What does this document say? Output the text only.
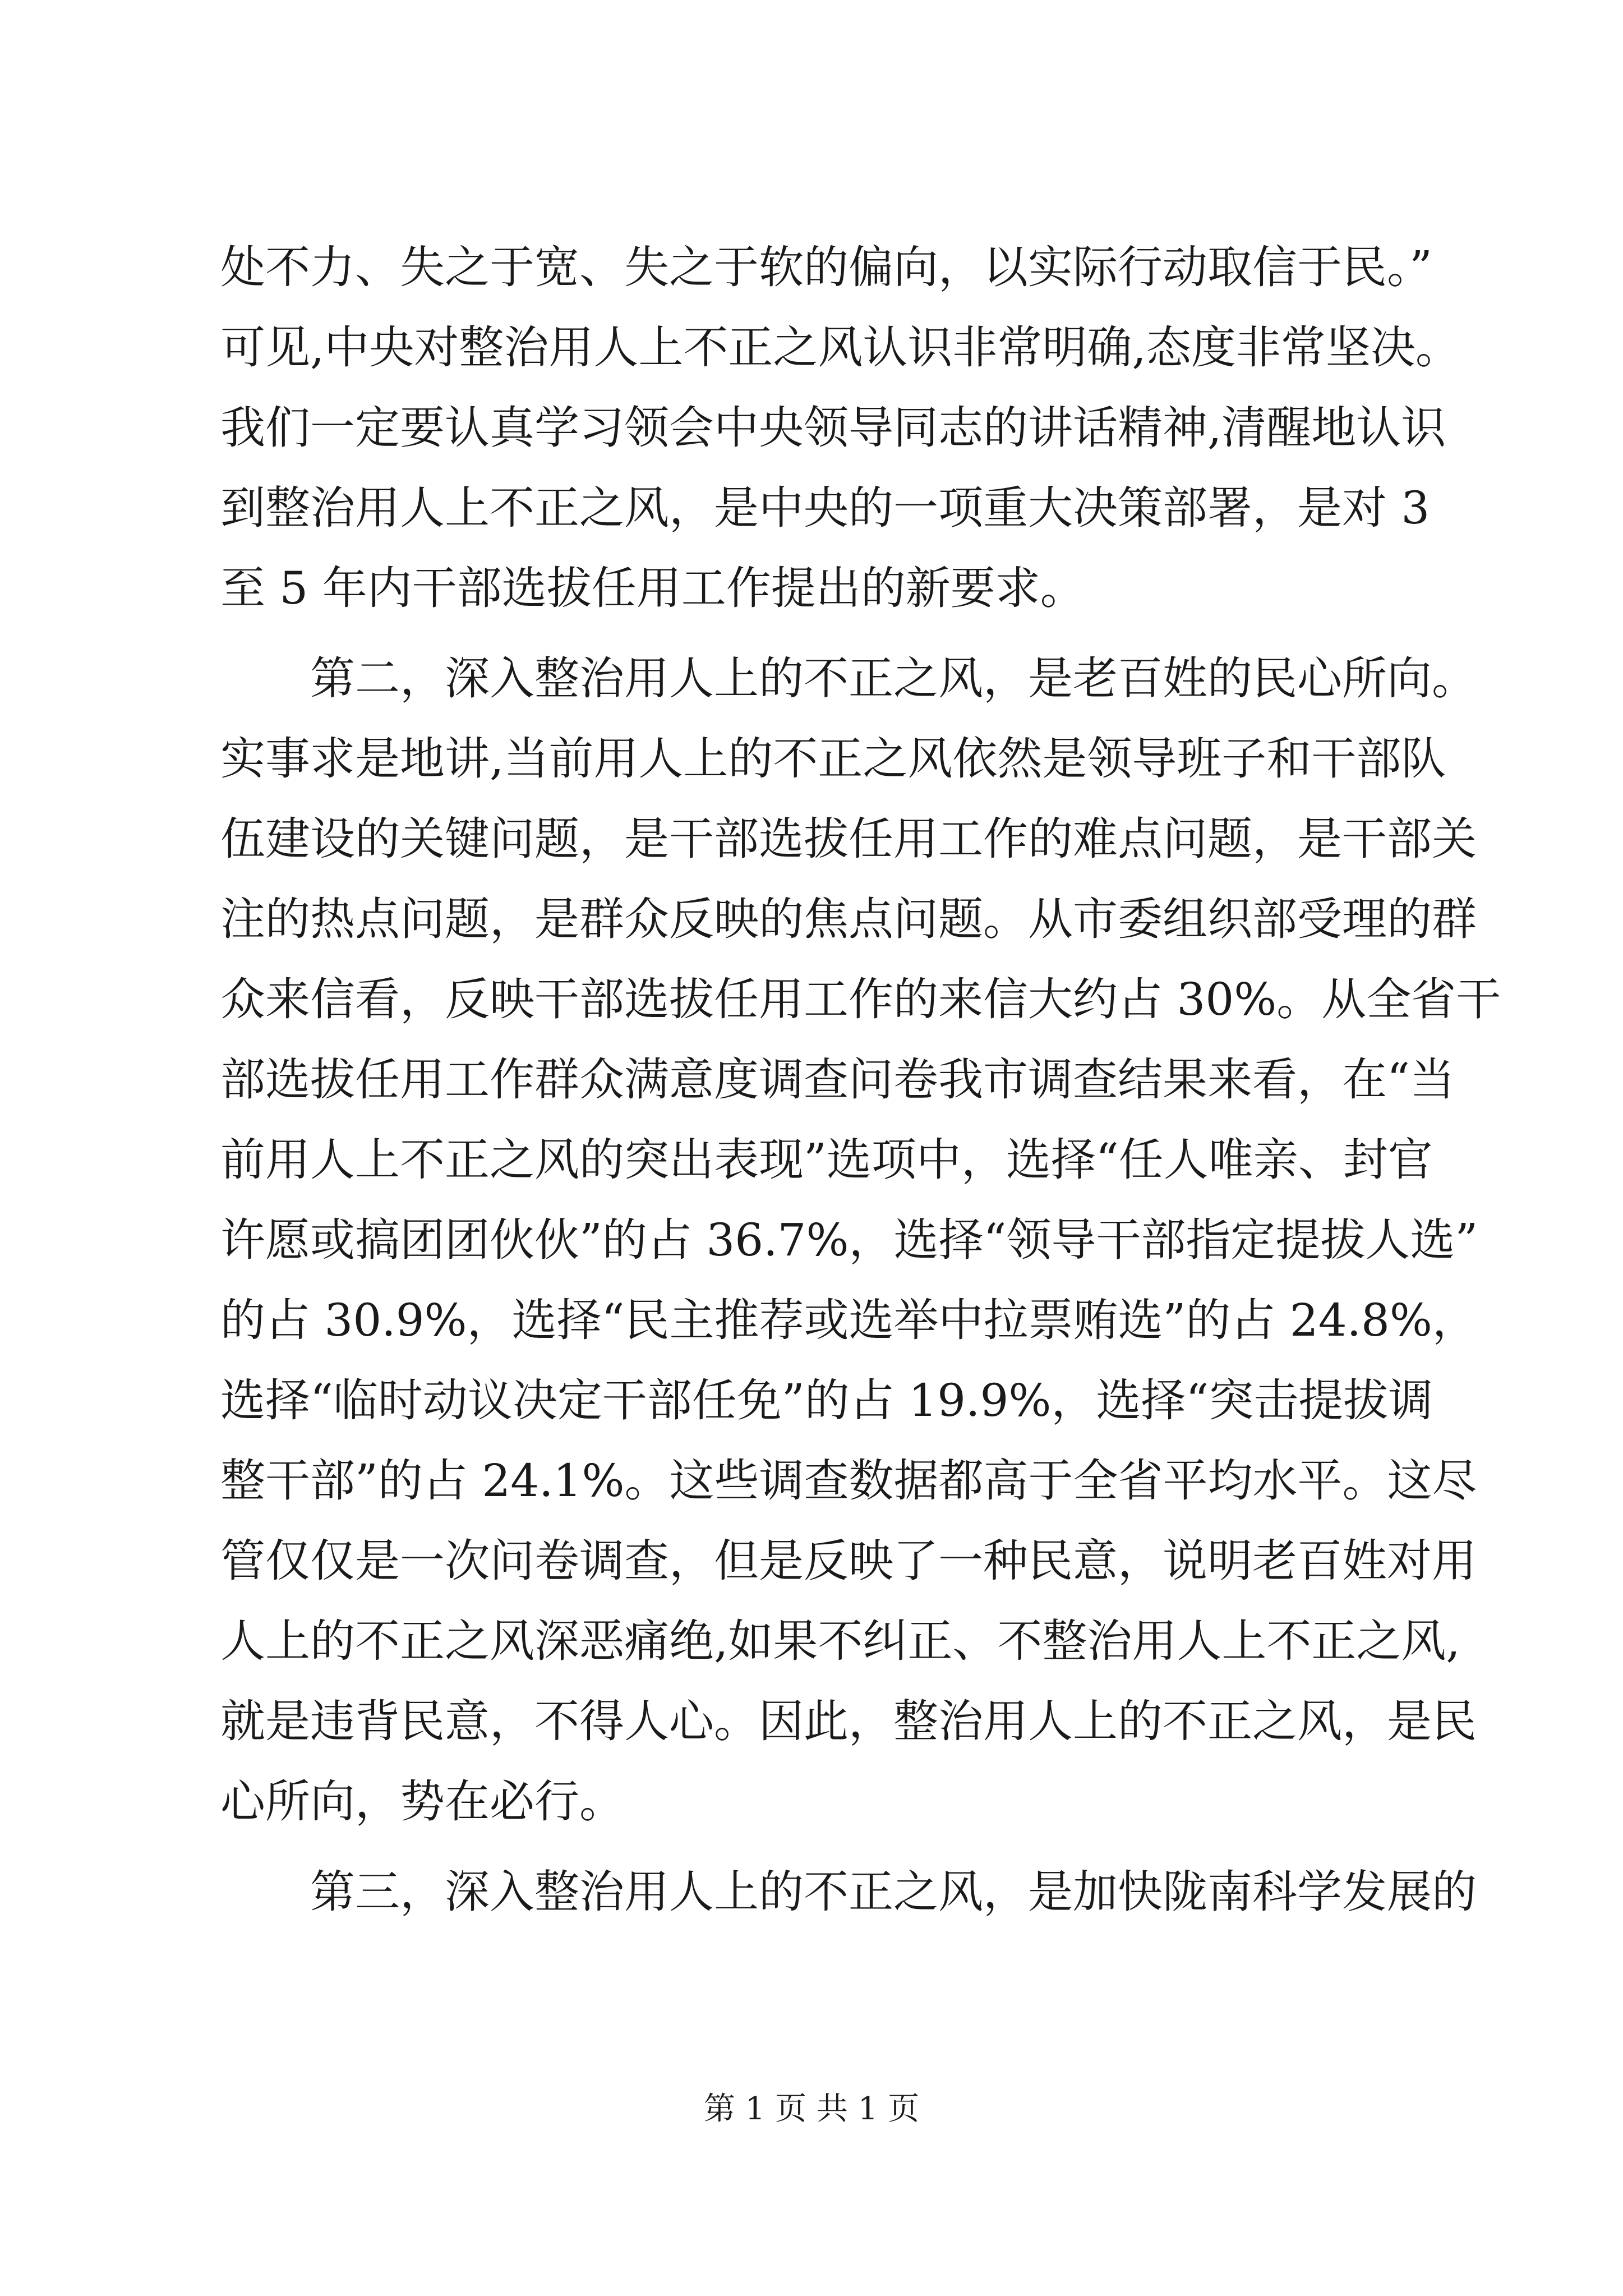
处不力、失之于宽、失之于软的偏向，以实际行动取信于民。”
可见,中央对整治用人上不正之风认识非常明确,态度非常坚决。
我们一定要认真学习领会中央领导同志的讲话精神,清醒地认识
到整治用人上不正之风，是中央的一项重大决策部署，是对 3
至 5 年内干部选拔任用工作提出的新要求。
第二，深入整治用人上的不正之风，是老百姓的民心所向。
实事求是地讲,当前用人上的不正之风依然是领导班子和干部队
伍建设的关键问题，是干部选拔任用工作的难点问题，是干部关
注的热点问题，是群众反映的焦点问题。从市委组织部受理的群
众来信看，反映干部选拔任用工作的来信大约占 30%。从全省干
部选拔任用工作群众满意度调查问卷我市调查结果来看，在“当
前用人上不正之风的突出表现”选项中，选择“任人唯亲、封官
许愿或搞团团伙伙”的占 36.7%，选择“领导干部指定提拔人选”
的占 30.9%，选择“民主推荐或选举中拉票贿选”的占 24.8%，
选择“临时动议决定干部任免”的占 19.9%，选择“突击提拔调
整干部”的占 24.1%。这些调查数据都高于全省平均水平。这尽
管仅仅是一次问卷调查，但是反映了一种民意，说明老百姓对用
人上的不正之风深恶痛绝,如果不纠正、不整治用人上不正之风,
就是违背民意，不得人心。因此，整治用人上的不正之风，是民
心所向，势在必行。
第三，深入整治用人上的不正之风，是加快陇南科学发展的
第 1 页 共 1 页
